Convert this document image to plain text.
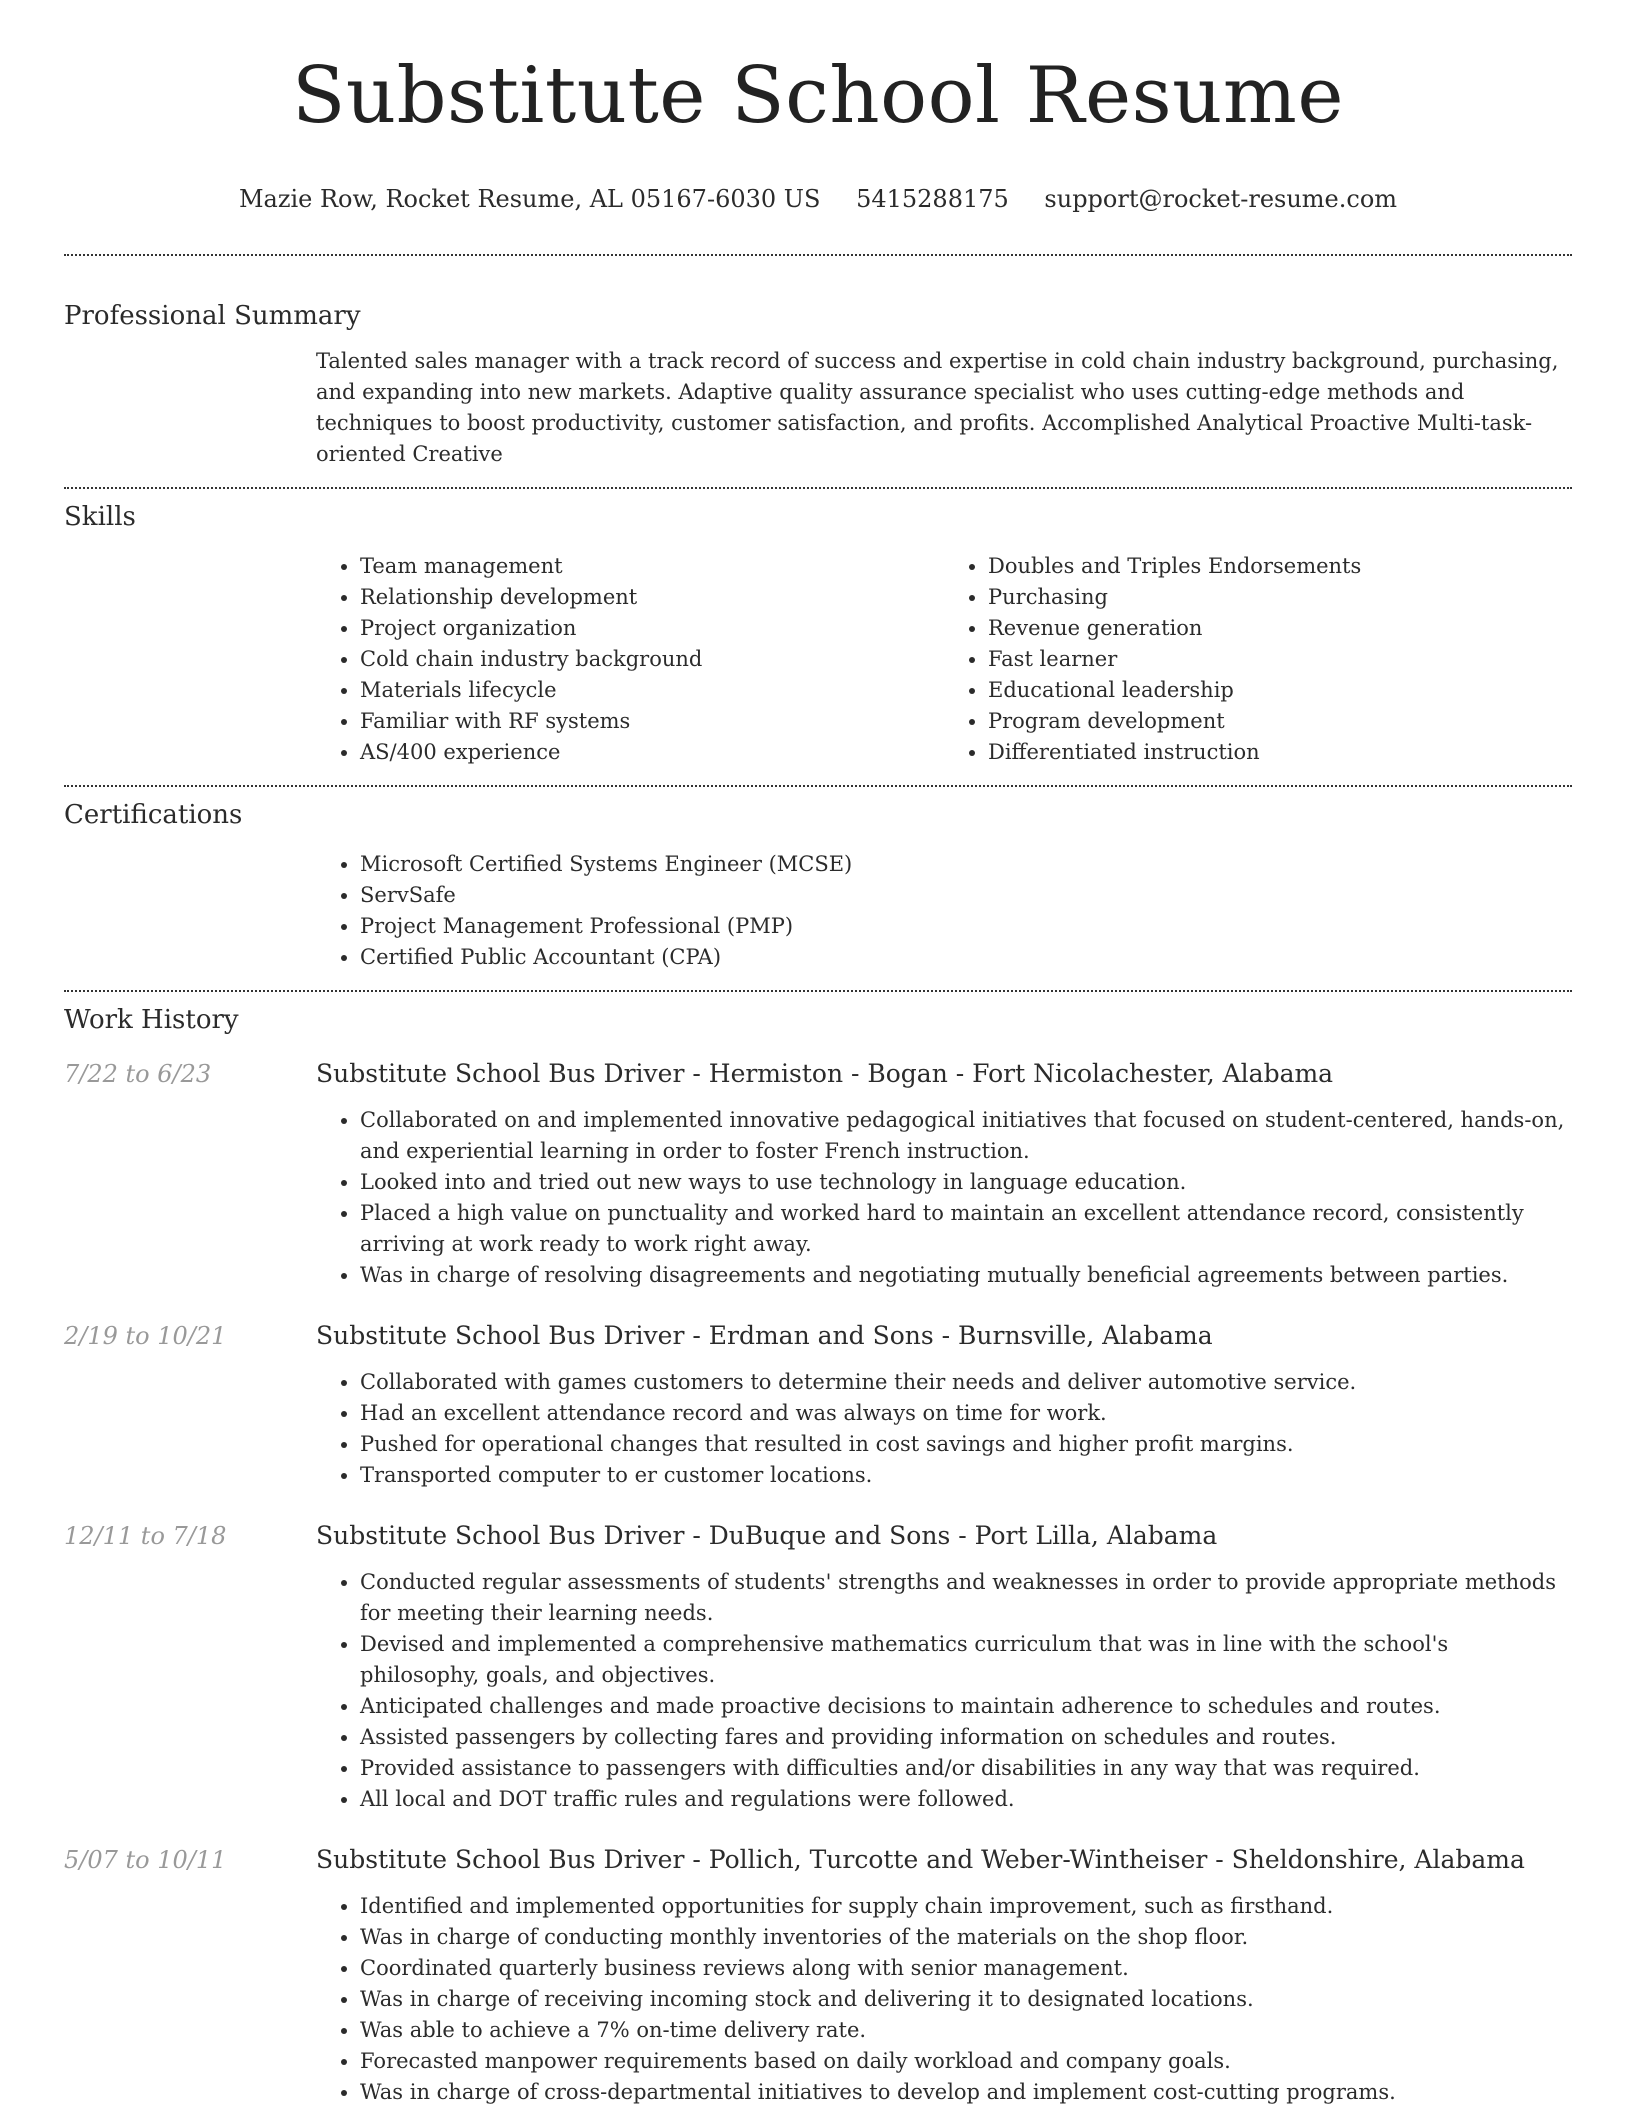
Substitute School Resume
Mazie Row, Rocket Resume, AL 05167-6030 US 5415288175 support@rocket-resume.com
Professional Summary

Talented sales manager with a track record of success and expertise in cold chain industry background, purchasing, and expanding into new markets. Adaptive quality assurance specialist who uses cutting-edge methods and techniques to boost productivity, customer satisfaction, and profits. Accomplished Analytical Proactive Multi-task-oriented Creative

Skills
• Team management
• Relationship development
• Project organization
• Cold chain industry background
• Materials lifecycle
• Familiar with RF systems
• AS/400 experience
• Doubles and Triples Endorsements
• Purchasing
• Revenue generation
• Fast learner
• Educational leadership
• Program development
• Differentiated instruction
Certifications
• Microsoft Certified Systems Engineer (MCSE)
• ServSafe
• Project Management Professional (PMP)
• Certified Public Accountant (CPA)
Work History
7/22 to 6/23	Substitute School Bus Driver - Hermiston - Bogan - Fort Nicolachester, Alabama
• Collaborated on and implemented innovative pedagogical initiatives that focused on student-centered, hands-on, and experiential learning in order to foster French instruction.
• Looked into and tried out new ways to use technology in language education.
• Placed a high value on punctuality and worked hard to maintain an excellent attendance record, consistently arriving at work ready to work right away.
• Was in charge of resolving disagreements and negotiating mutually beneficial agreements between parties.
2/19 to 10/21	Substitute School Bus Driver - Erdman and Sons - Burnsville, Alabama
• Collaborated with games customers to determine their needs and deliver automotive service.
• Had an excellent attendance record and was always on time for work.
• Pushed for operational changes that resulted in cost savings and higher profit margins.
• Transported computer to er customer locations.
12/11 to 7/18	Substitute School Bus Driver - DuBuque and Sons - Port Lilla, Alabama
• Conducted regular assessments of students' strengths and weaknesses in order to provide appropriate methods for meeting their learning needs.
• Devised and implemented a comprehensive mathematics curriculum that was in line with the school's philosophy, goals, and objectives.
• Anticipated challenges and made proactive decisions to maintain adherence to schedules and routes.
• Assisted passengers by collecting fares and providing information on schedules and routes.
• Provided assistance to passengers with difficulties and/or disabilities in any way that was required.
• All local and DOT traffic rules and regulations were followed.
5/07 to 10/11	Substitute School Bus Driver - Pollich, Turcotte and Weber-Wintheiser - Sheldonshire, Alabama
• Identified and implemented opportunities for supply chain improvement, such as firsthand.
• Was in charge of conducting monthly inventories of the materials on the shop floor.
• Coordinated quarterly business reviews along with senior management.
• Was in charge of receiving incoming stock and delivering it to designated locations.
• Was able to achieve a 7% on-time delivery rate.
• Forecasted manpower requirements based on daily workload and company goals.
• Was in charge of cross-departmental initiatives to develop and implement cost-cutting programs.
